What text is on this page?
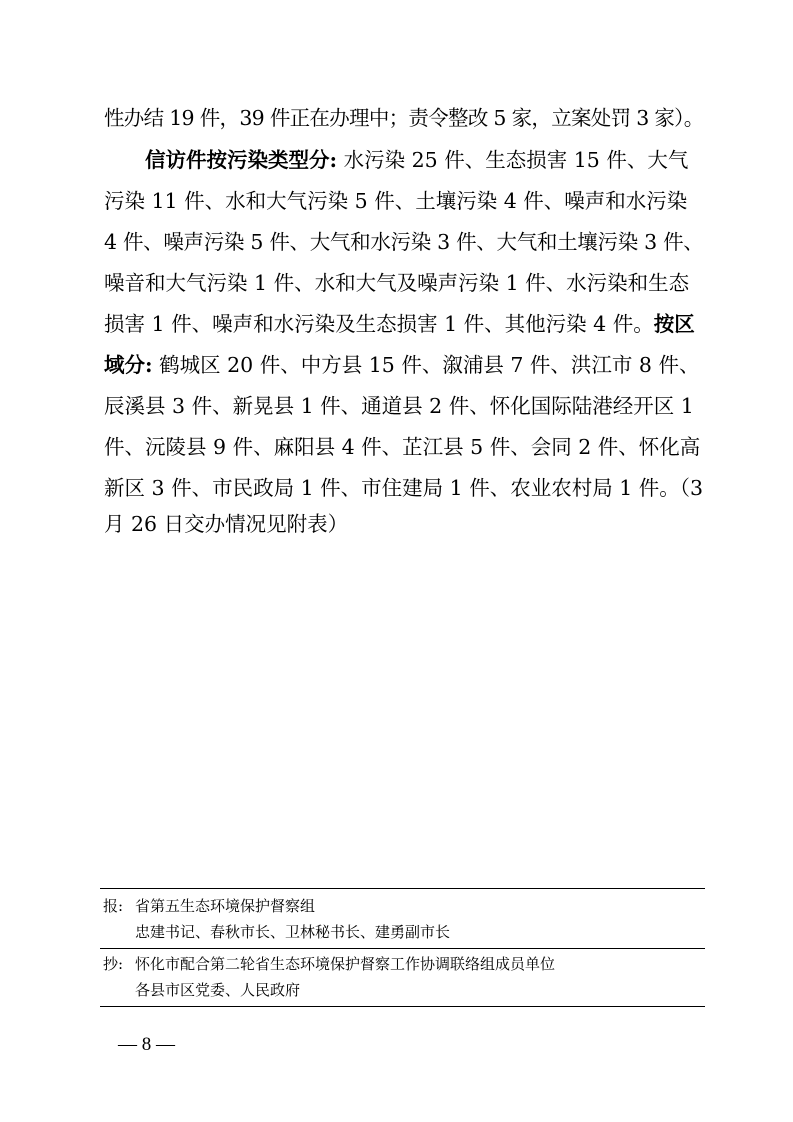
性办结 19 件，39 件正在办理中；责令整改 5 家，立案处罚 3 家）。
信访件按污染类型分: 水污染 25 件、生态损害 15 件、大气
污染 11 件、水和大气污染 5 件、土壤污染 4 件、噪声和水污染
4 件、噪声污染 5 件、大气和水污染 3 件、大气和土壤污染 3 件、
噪音和大气污染 1 件、水和大气及噪声污染 1 件、水污染和生态
损害 1 件、噪声和水污染及生态损害 1 件、其他污染 4 件。按区
域分: 鹤城区 20 件、中方县 15 件、溆浦县 7 件、洪江市 8 件、
辰溪县 3 件、新晃县 1 件、通道县 2 件、怀化国际陆港经开区 1
件、沅陵县 9 件、麻阳县 4 件、芷江县 5 件、会同 2 件、怀化高
新区 3 件、市民政局 1 件、市住建局 1 件、农业农村局 1 件。（3
月 26 日交办情况见附表）
报: 省第五生态环境保护督察组
忠建书记、春秋市长、卫林秘书长、建勇副市长
抄: 怀化市配合第二轮省生态环境保护督察工作协调联络组成员单位
各县市区党委、人民政府
— 8 —
